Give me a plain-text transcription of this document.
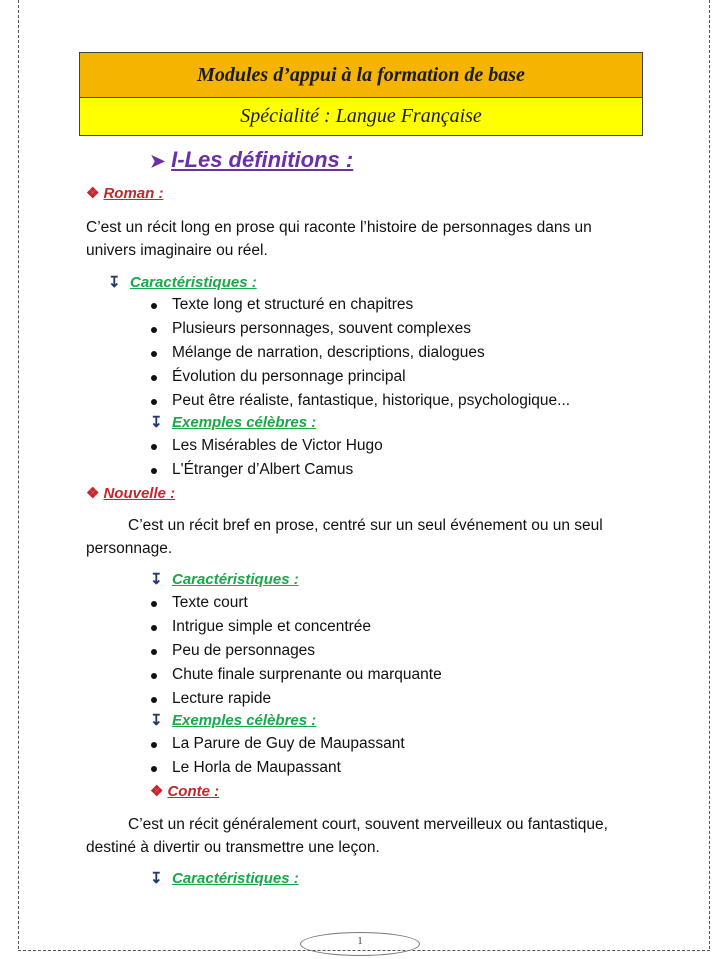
Modules d’appui à la formation de base
Spécialité : Langue Française
➤ I-Les définitions :
❖ Roman :
C’est un récit long en prose qui raconte l’histoire de personnages dans un univers imaginaire ou réel.
↧ Caractéristiques :
Texte long et structuré en chapitres
Plusieurs personnages, souvent complexes
Mélange de narration, descriptions, dialogues
Évolution du personnage principal
Peut être réaliste, fantastique, historique, psychologique...
↧ Exemples célèbres :
Les Misérables de Victor Hugo
L'Étranger d’Albert Camus
❖ Nouvelle :
C’est un récit bref en prose, centré sur un seul événement ou un seul personnage.
↧ Caractéristiques :
Texte court
Intrigue simple et concentrée
Peu de personnages
Chute finale surprenante ou marquante
Lecture rapide
↧ Exemples célèbres :
La Parure de Guy de Maupassant
Le Horla de Maupassant
❖ Conte :
C’est un récit généralement court, souvent merveilleux ou fantastique, destiné à divertir ou transmettre une leçon.
↧ Caractéristiques :
1
